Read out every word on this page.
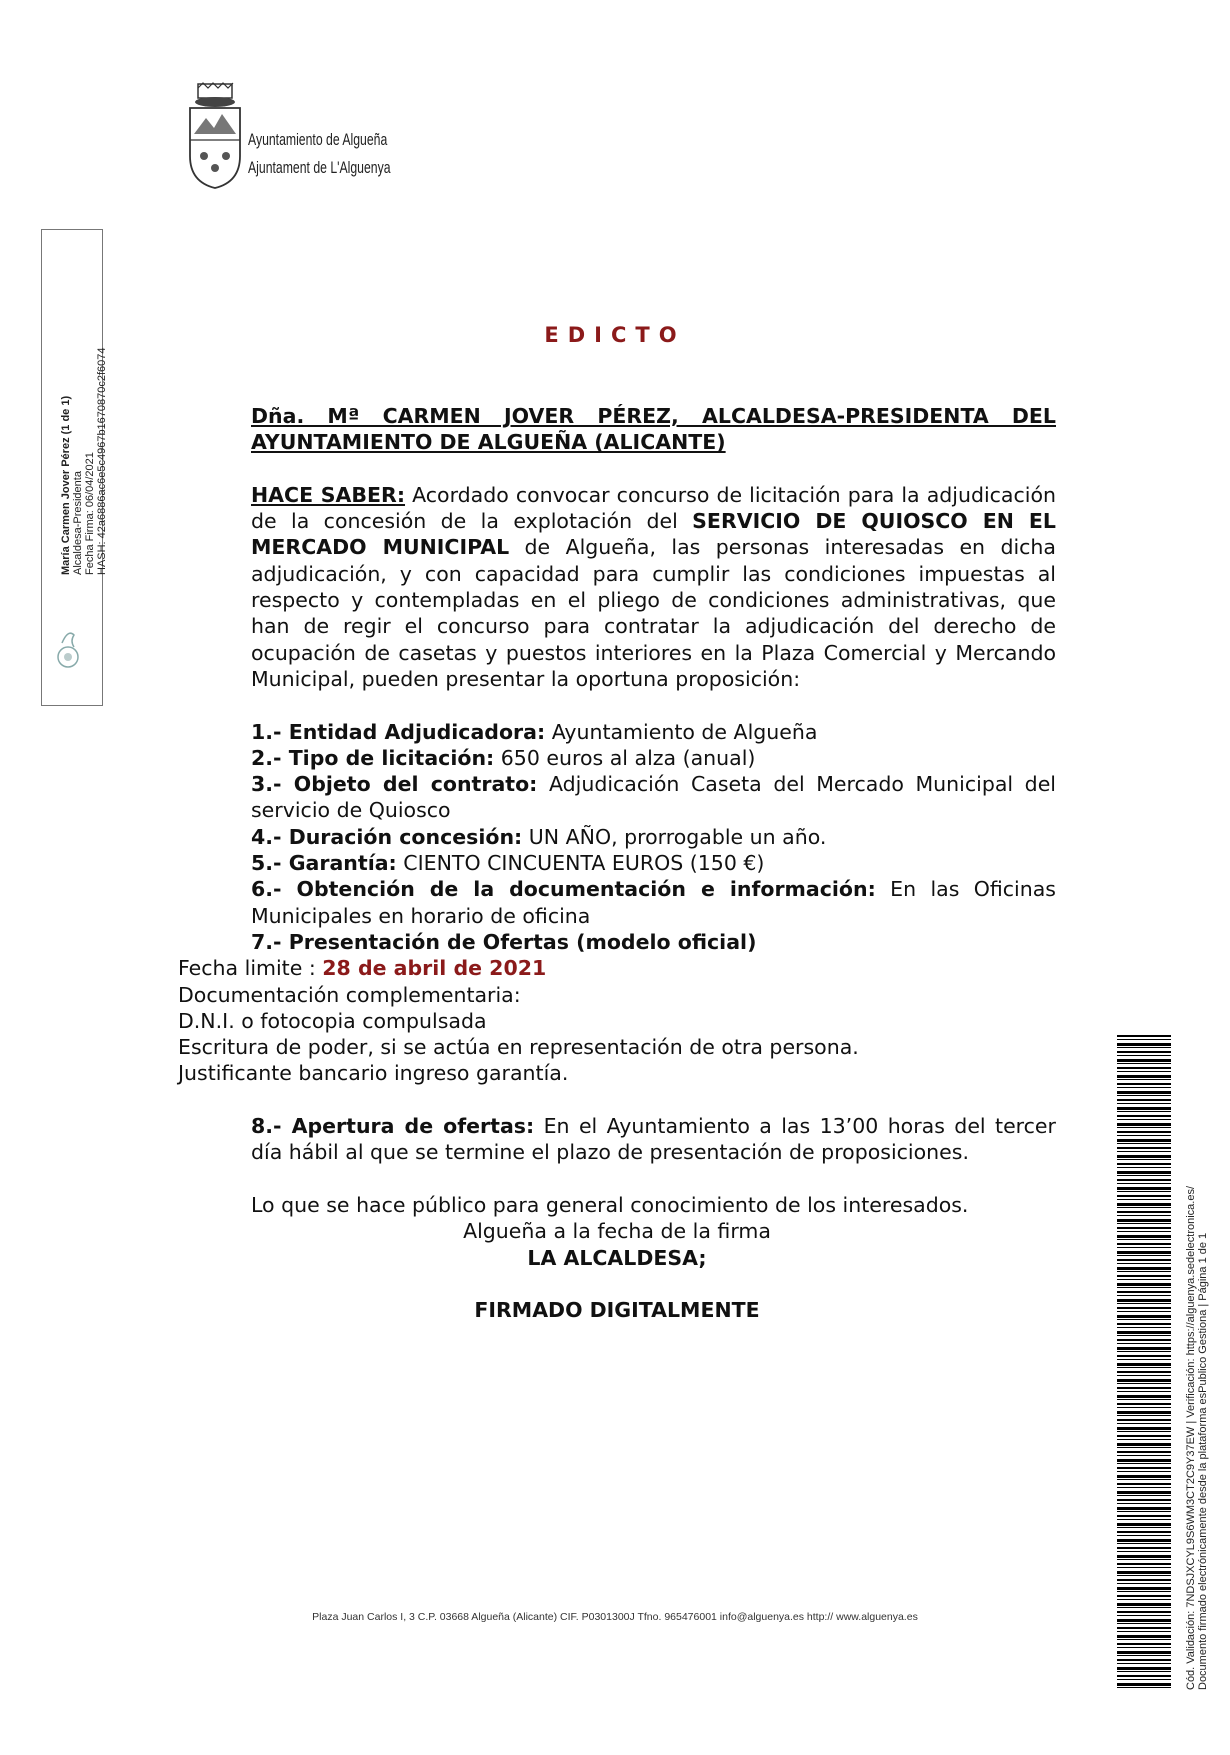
Ayuntamiento de Algueña
Ajuntament de L'Alguenya
María Carmen Jover Pérez (1 de 1) Alcaldesa-Presidenta Fecha Firma: 06/04/2021 HASH: 42a6886ac6e5c4967b1670870c2f6074
EDICTO

Dña. Mª CARMEN JOVER PÉREZ, ALCALDESA-PRESIDENTA DEL AYUNTAMIENTO DE ALGUEÑA (ALICANTE)

HACE SABER: Acordado convocar concurso de licitación para la adjudicación de la concesión de la explotación del SERVICIO DE QUIOSCO EN EL MERCADO MUNICIPAL de Algueña, las personas interesadas en dicha adjudicación, y con capacidad para cumplir las condiciones impuestas al respecto y contempladas en el pliego de condiciones administrativas, que han de regir el concurso para contratar la adjudicación del derecho de ocupación de casetas y puestos interiores en la Plaza Comercial y Mercando Municipal, pueden presentar la oportuna proposición:

1.- Entidad Adjudicadora: Ayuntamiento de Algueña

2.- Tipo de licitación: 650 euros al alza (anual)

3.- Objeto del contrato: Adjudicación Caseta del Mercado Municipal del servicio de Quiosco

4.- Duración concesión: UN AÑO, prorrogable un año.

5.- Garantía: CIENTO CINCUENTA EUROS (150 €)

6.- Obtención de la documentación e información: En las Oficinas Municipales en horario de oficina

7.- Presentación de Ofertas (modelo oficial)

Fecha limite : 28 de abril de 2021

Documentación complementaria:

D.N.I. o fotocopia compulsada

Escritura de poder, si se actúa en representación de otra persona.

Justificante bancario ingreso garantía.

8.- Apertura de ofertas: En el Ayuntamiento a las 13’00 horas del tercer día hábil al que se termine el plazo de presentación de proposiciones.

Lo que se hace público para general conocimiento de los interesados.

Algueña a la fecha de la firma

LA ALCALDESA;

FIRMADO DIGITALMENTE

Plaza Juan Carlos I, 3 C.P. 03668 Algueña (Alicante) CIF. P0301300J Tfno. 965476001 info@alguenya.es http:// www.alguenya.es	Cód. Validación: 7NDSJXCYL9S6WM3CT2C9Y37EW | Verificación: https://alguenya.sedelectronica.es/ Documento firmado electrónicamente desde la plataforma esPublico Gestiona | Página 1 de 1
